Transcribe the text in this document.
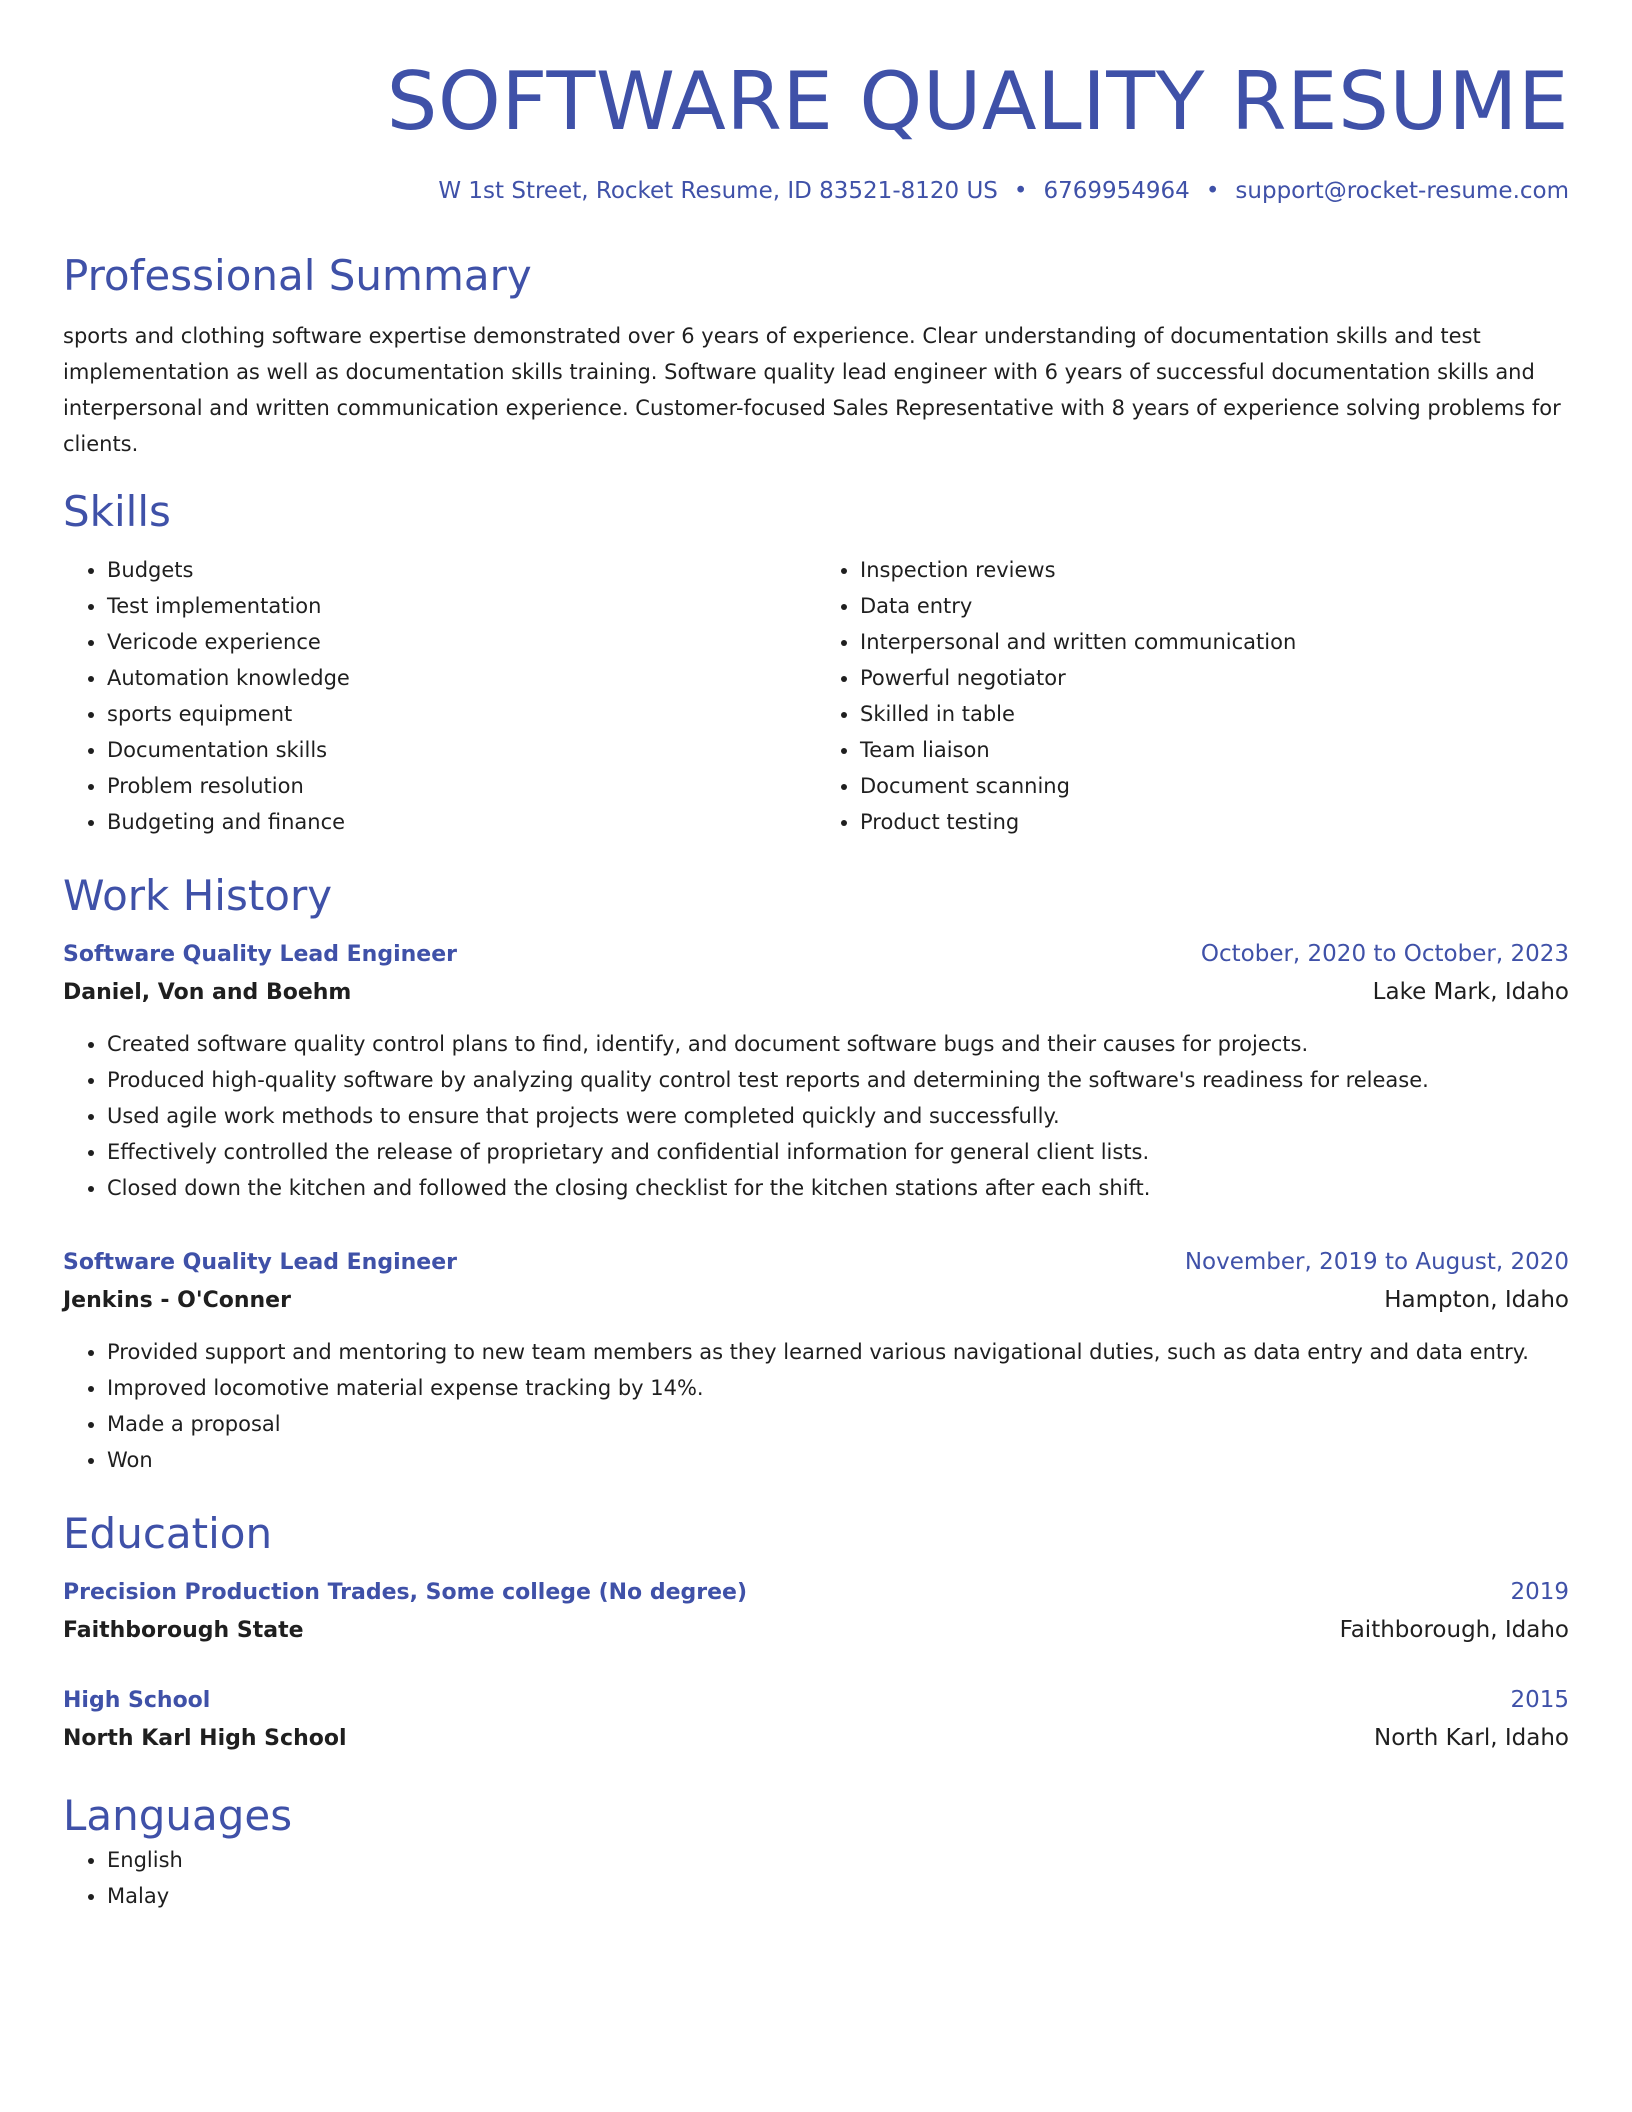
SOFTWARE QUALITY RESUME
W 1st Street, Rocket Resume, ID 83521-8120 US • 6769954964 • support@rocket-resume.com
Professional Summary

sports and clothing software expertise demonstrated over 6 years of experience. Clear understanding of documentation skills and test implementation as well as documentation skills training. Software quality lead engineer with 6 years of successful documentation skills and interpersonal and written communication experience. Customer-focused Sales Representative with 8 years of experience solving problems for clients.

Skills
• Budgets
• Test implementation
• Vericode experience
• Automation knowledge
• sports equipment
• Documentation skills
• Problem resolution
• Budgeting and finance
• Inspection reviews
• Data entry
• Interpersonal and written communication
• Powerful negotiator
• Skilled in table
• Team liaison
• Document scanning
• Product testing
Work History
Software Quality Lead Engineer	October, 2020 to October, 2023
Daniel, Von and Boehm	Lake Mark, Idaho
• Created software quality control plans to find, identify, and document software bugs and their causes for projects.
• Produced high-quality software by analyzing quality control test reports and determining the software's readiness for release.
• Used agile work methods to ensure that projects were completed quickly and successfully.
• Effectively controlled the release of proprietary and confidential information for general client lists.
• Closed down the kitchen and followed the closing checklist for the kitchen stations after each shift.
Software Quality Lead Engineer	November, 2019 to August, 2020
Jenkins - O'Conner	Hampton, Idaho
• Provided support and mentoring to new team members as they learned various navigational duties, such as data entry and data entry.
• Improved locomotive material expense tracking by 14%.
• Made a proposal
• Won
Education
Precision Production Trades, Some college (No degree)	2019
Faithborough State	Faithborough, Idaho
High School	2015
North Karl High School	North Karl, Idaho
Languages
• English
• Malay
